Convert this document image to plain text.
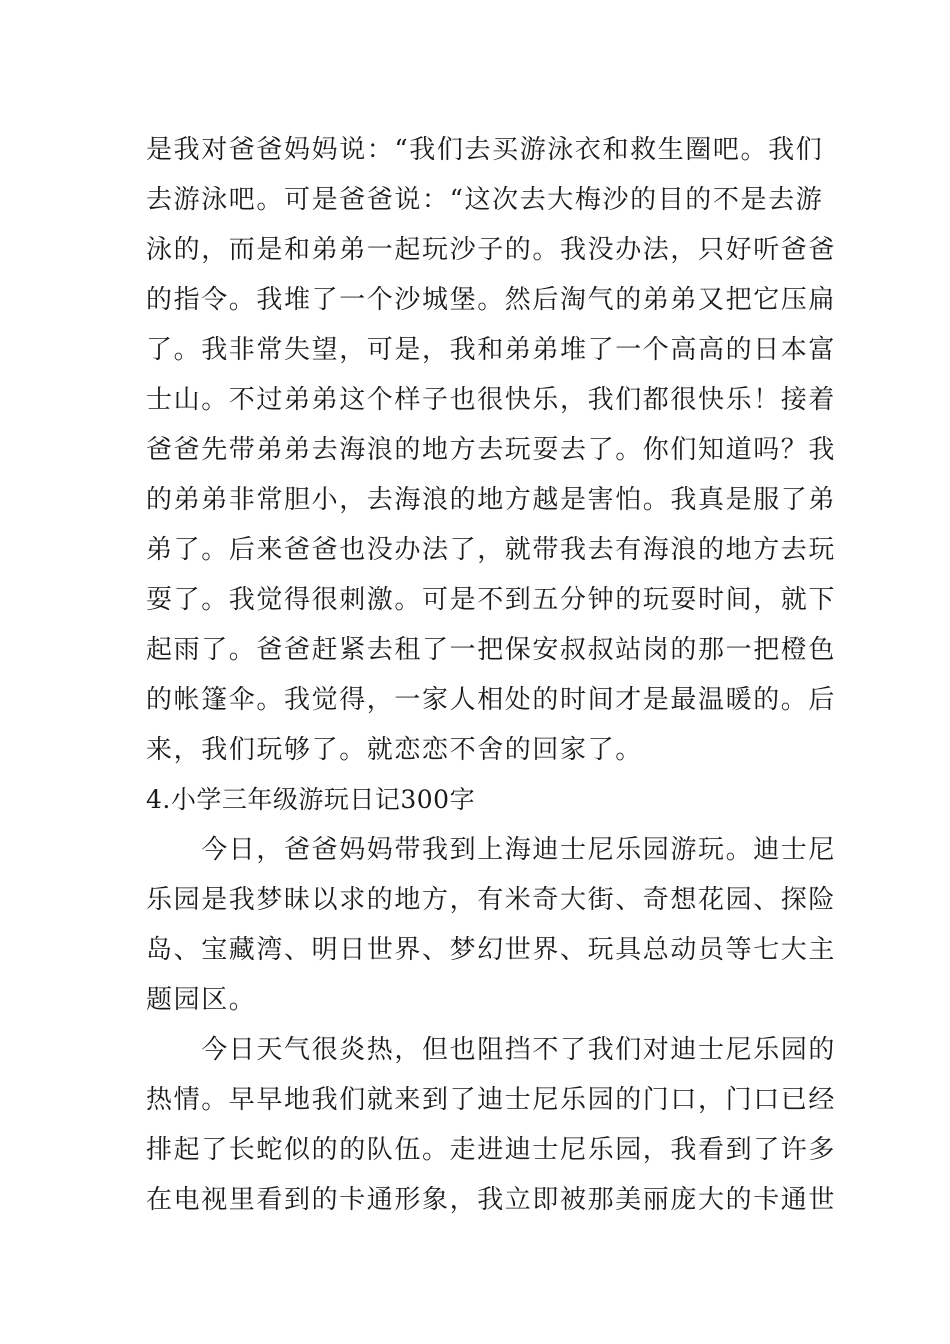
是我对爸爸妈妈说：“我们去买游泳衣和救生圈吧。我们
去游泳吧。可是爸爸说：“这次去大梅沙的目的不是去游
泳的，而是和弟弟一起玩沙子的。我没办法，只好听爸爸
的指令。我堆了一个沙城堡。然后淘气的弟弟又把它压扁
了。我非常失望，可是，我和弟弟堆了一个高高的日本富
士山。不过弟弟这个样子也很快乐，我们都很快乐！接着
爸爸先带弟弟去海浪的地方去玩耍去了。你们知道吗？我
的弟弟非常胆小，去海浪的地方越是害怕。我真是服了弟
弟了。后来爸爸也没办法了，就带我去有海浪的地方去玩
耍了。我觉得很刺激。可是不到五分钟的玩耍时间，就下
起雨了。爸爸赶紧去租了一把保安叔叔站岗的那一把橙色
的帐篷伞。我觉得，一家人相处的时间才是最温暖的。后
来，我们玩够了。就恋恋不舍的回家了。
4.小学三年级游玩日记300字
　　今日，爸爸妈妈带我到上海迪士尼乐园游玩。迪士尼
乐园是我梦昧以求的地方，有米奇大街、奇想花园、探险
岛、宝藏湾、明日世界、梦幻世界、玩具总动员等七大主
题园区。
　　今日天气很炎热，但也阻挡不了我们对迪士尼乐园的
热情。早早地我们就来到了迪士尼乐园的门口，门口已经
排起了长蛇似的的队伍。走进迪士尼乐园，我看到了许多
在电视里看到的卡通形象，我立即被那美丽庞大的卡通世
